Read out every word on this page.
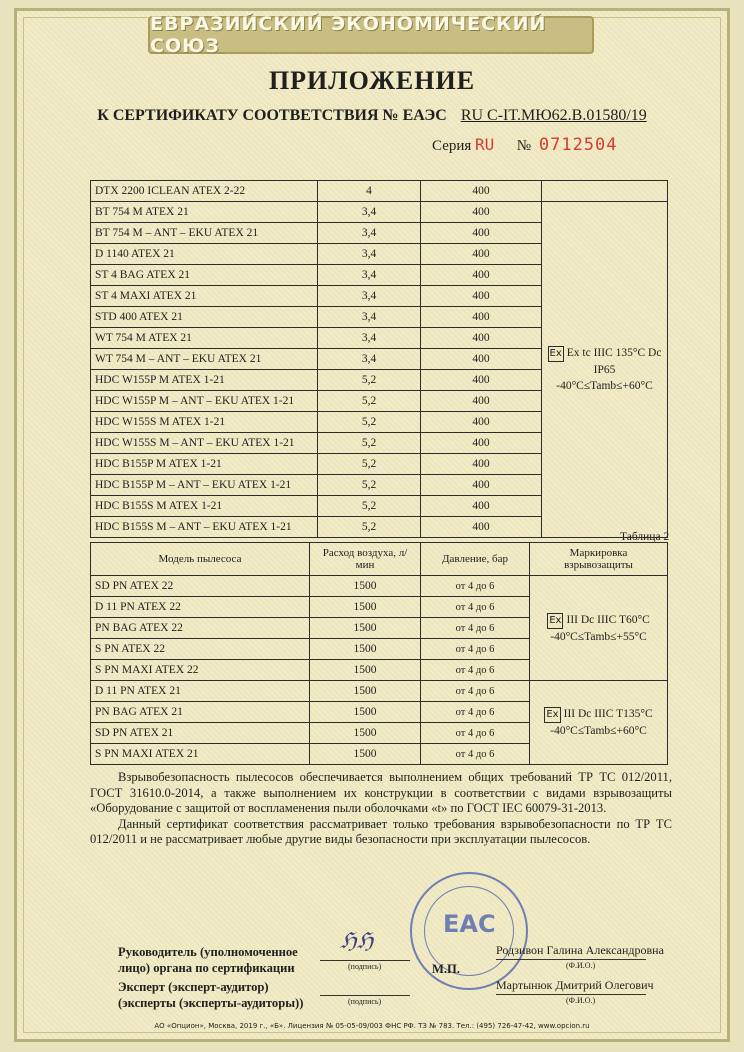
ЕВРАЗИЙСКИЙ ЭКОНОМИЧЕСКИЙ СОЮЗ
ПРИЛОЖЕНИЕ
К СЕРТИФИКАТУ СООТВЕТСТВИЯ № ЕАЭС RU С-IT.МЮ62.В.01580/19
Серия RU № 0712504
DTX 2200 ICLEAN ATEX 2-22	4	400	
BT 754 M ATEX 21	3,4	400	Ex Ex tc IIIC 135°C Dc IP65
-40°C≤Tamb≤+60°C
BT 754 M – ANT – EKU ATEX 21	3,4	400	
D 1140 ATEX 21	3,4	400	
ST 4 BAG ATEX 21	3,4	400	
ST 4 MAXI ATEX 21	3,4	400	
STD 400 ATEX 21	3,4	400	
WT 754 M ATEX 21	3,4	400	
WT 754 M – ANT – EKU ATEX 21	3,4	400	
HDC W155P M ATEX 1-21	5,2	400	
HDC W155P M – ANT – EKU ATEX 1-21	5,2	400	
HDC W155S M ATEX 1-21	5,2	400	
HDC W155S M – ANT – EKU ATEX 1-21	5,2	400	
HDC B155P M ATEX 1-21	5,2	400	
HDC B155P M – ANT – EKU ATEX 1-21	5,2	400	
HDC B155S M ATEX 1-21	5,2	400	
HDC B155S M – ANT – EKU ATEX 1-21	5,2	400	
Таблица 2
Модель пылесоса	Расход воздуха, л/мин	Давление, бар	Маркировка взрывозащиты
SD PN ATEX 22	1500	от 4 до 6	Ex III Dc IIIC T60°C
-40°C≤Tamb≤+55°C
D 11 PN ATEX 22	1500	от 4 до 6	
PN BAG ATEX 22	1500	от 4 до 6	
S PN ATEX 22	1500	от 4 до 6	
S PN MAXI ATEX 22	1500	от 4 до 6	
D 11 PN ATEX 21	1500	от 4 до 6	Ex III Dc IIIC T135°C
-40°C≤Tamb≤+60°C
PN BAG ATEX 21	1500	от 4 до 6	
SD PN ATEX 21	1500	от 4 до 6	
S PN MAXI ATEX 21	1500	от 4 до 6	

Взрывобезопасность пылесосов обеспечивается выполнением общих требований ТР ТС 012/2011, ГОСТ 31610.0-2014, а также выполнением их конструкции в соответствии с видами взрывозащиты «Оборудование с защитой от воспламенения пыли оболочками «t» по ГОСТ IEC 60079-31-2013.

Данный сертификат соответствия рассматривает только требования взрывобезопасности по ТР ТС 012/2011 и не рассматривает любые другие виды безопасности при эксплуатации пылесосов.

EAC
ℌℌ
Руководитель (уполномоченное
лицо) органа по сертификации	(подпись)	М.П.
Родзивон Галина Александровна
(Ф.И.О.)
Эксперт (эксперт-аудитор)
(эксперты (эксперты-аудиторы))	(подпись)
Мартынюк Дмитрий Олегович
(Ф.И.О.)
АО «Опцион», Москва, 2019 г., «Б». Лицензия № 05-05-09/003 ФНС РФ. ТЗ № 783. Тел.: (495) 726-47-42, www.opcion.ru
